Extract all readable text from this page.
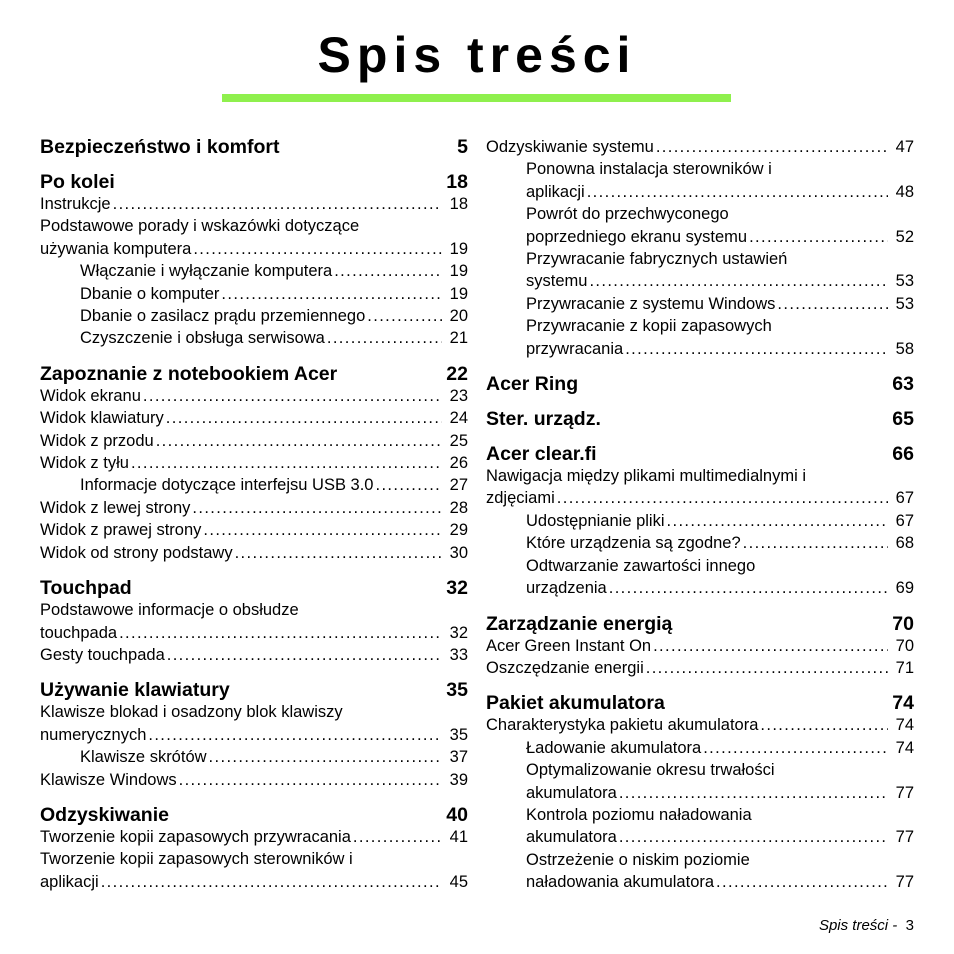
Spis treści
Bezpieczeństwo i komfort	5
Po kolei	18
Instrukcje . . .	18
Podstawowe porady i wskazówki dotyczące
używania komputera . . .	19
Włączanie i wyłączanie komputera . . .	19
Dbanie o komputer . . .	19
Dbanie o zasilacz prądu przemiennego . . .	20
Czyszczenie i obsługa serwisowa . . .	21
Zapoznanie z notebookiem Acer	22
Widok ekranu . . .	23
Widok klawiatury . . .	24
Widok z przodu . . .	25
Widok z tyłu . . .	26
Informacje dotyczące interfejsu USB 3.0 . . .	27
Widok z lewej strony . . .	28
Widok z prawej strony . . .	29
Widok od strony podstawy . . .	30
Touchpad	32
Podstawowe informacje o obsłudze
touchpada . . .	32
Gesty touchpada . . .	33
Używanie klawiatury	35
Klawisze blokad i osadzony blok klawiszy
numerycznych . . .	35
Klawisze skrótów . . .	37
Klawisze Windows . . .	39
Odzyskiwanie	40
Tworzenie kopii zapasowych przywracania . . .	41
Tworzenie kopii zapasowych sterowników i
aplikacji . . .	45
Odzyskiwanie systemu . . .	47
Ponowna instalacja sterowników i
aplikacji . . .	48
Powrót do przechwyconego
poprzedniego ekranu systemu . . .	52
Przywracanie fabrycznych ustawień
systemu . . .	53
Przywracanie z systemu Windows . . .	53
Przywracanie z kopii zapasowych
przywracania . . .	58
Acer Ring	63
Ster. urządz.	65
Acer clear.fi	66
Nawigacja między plikami multimedialnymi i
zdjęciami . . .	67
Udostępnianie pliki . . .	67
Które urządzenia są zgodne? . . .	68
Odtwarzanie zawartości innego
urządzenia . . .	69
Zarządzanie energią	70
Acer Green Instant On . . .	70
Oszczędzanie energii . . .	71
Pakiet akumulatora	74
Charakterystyka pakietu akumulatora . . .	74
Ładowanie akumulatora . . .	74
Optymalizowanie okresu trwałości
akumulatora . . .	77
Kontrola poziomu naładowania
akumulatora . . .	77
Ostrzeżenie o niskim poziomie
naładowania akumulatora . . .	77
Spis treści - 3
